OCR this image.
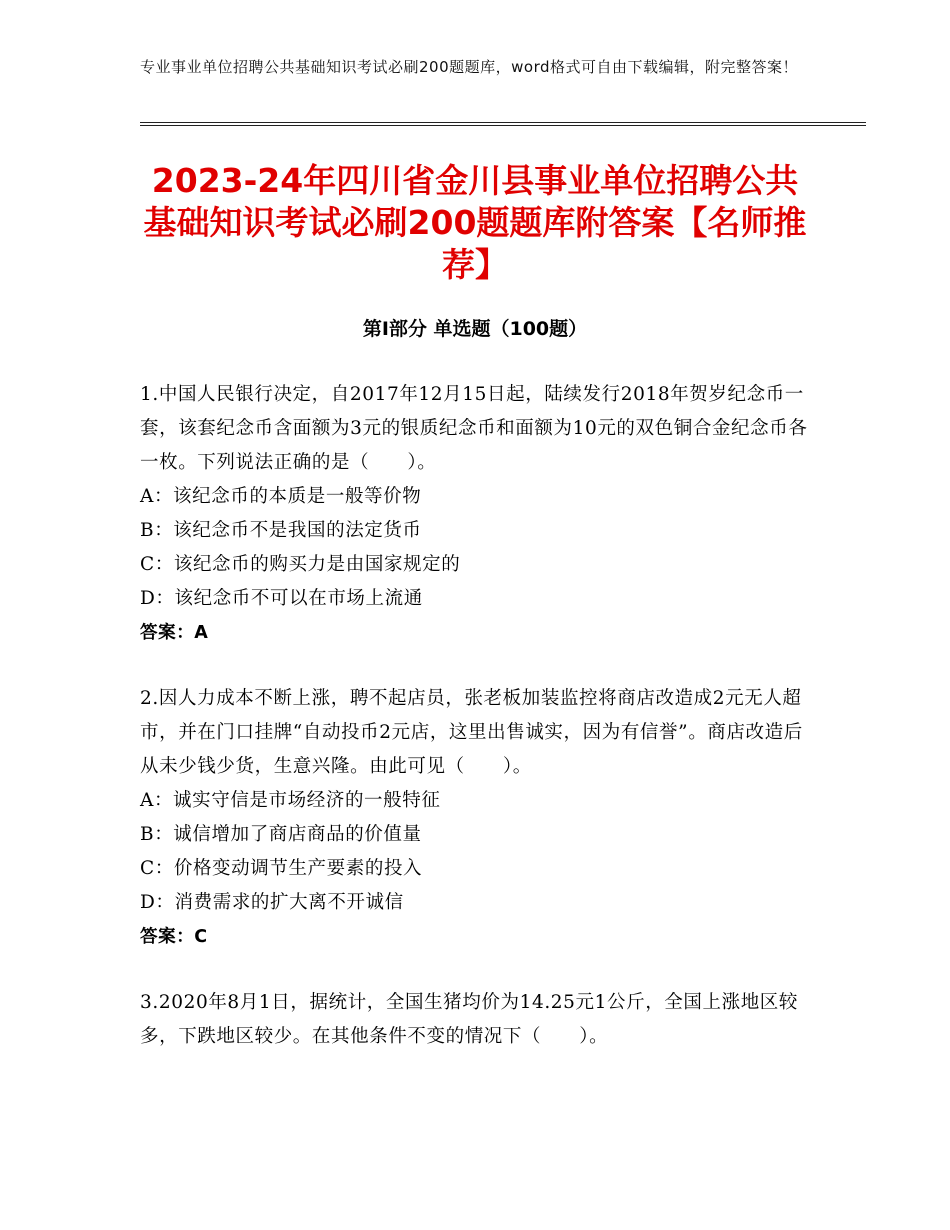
专业事业单位招聘公共基础知识考试必刷200题题库，word格式可自由下载编辑，附完整答案！
2023-24年四川省金川县事业单位招聘公共基础知识考试必刷200题题库附答案【名师推荐】
第Ⅰ部分 单选题（100题）

1.中国人民银行决定，自2017年12月15日起，陆续发行2018年贺岁纪念币一套，该套纪念币含面额为3元的银质纪念币和面额为10元的双色铜合金纪念币各一枚。下列说法正确的是（　　）。

A：该纪念币的本质是一般等价物

B：该纪念币不是我国的法定货币

C：该纪念币的购买力是由国家规定的

D：该纪念币不可以在市场上流通

答案：A

2.因人力成本不断上涨，聘不起店员，张老板加装监控将商店改造成2元无人超市，并在门口挂牌“自动投币2元店，这里出售诚实，因为有信誉”。商店改造后从未少钱少货，生意兴隆。由此可见（　　）。

A：诚实守信是市场经济的一般特征

B：诚信增加了商店商品的价值量

C：价格变动调节生产要素的投入

D：消费需求的扩大离不开诚信

答案：C

3.2020年8月1日，据统计，全国生猪均价为14.25元1公斤，全国上涨地区较多，下跌地区较少。在其他条件不变的情况下（　　）。
